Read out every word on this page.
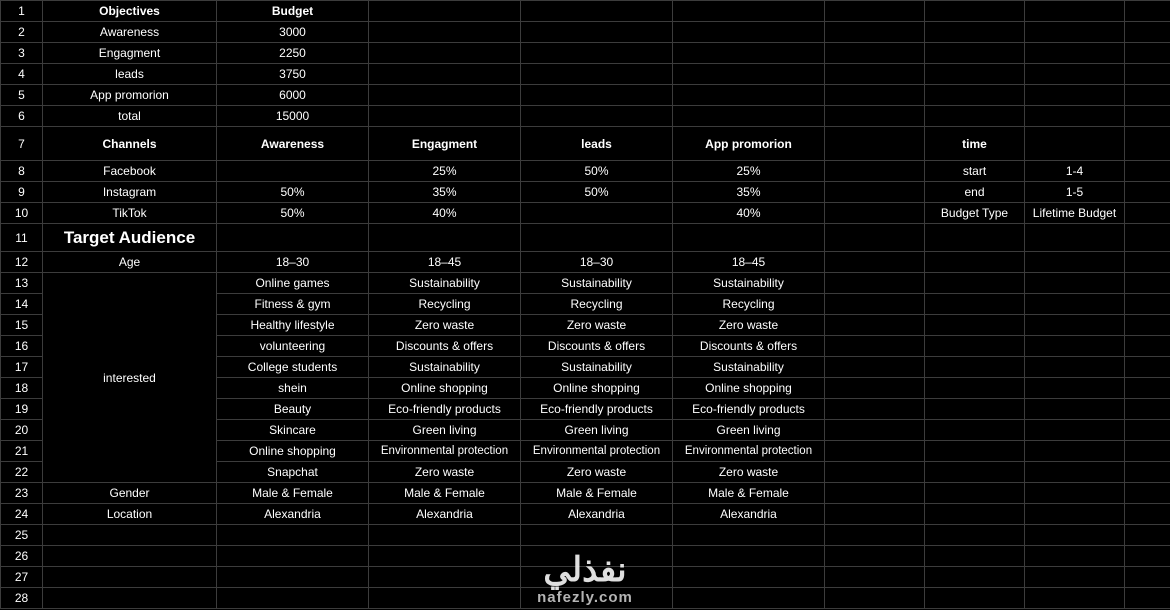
1	Objectives	Budget							
2	Awareness	3000							
3	Engagment	2250							
4	leads	3750							
5	App promorion	6000							
6	total	15000							
7	Channels	Awareness	Engagment	leads	App promorion		time		
8	Facebook		25%	50%	25%		start	1-4	
9	Instagram	50%	35%	50%	35%		end	1-5	
10	TikTok	50%	40%		40%		Budget Type	Lifetime Budget	
11	Target Audience								
12	Age	18–30	18–45	18–30	18–45				
13	interested	Online games	Sustainability	Sustainability	Sustainability				
14		Fitness & gym	Recycling	Recycling	Recycling				
15		Healthy lifestyle	Zero waste	Zero waste	Zero waste				
16		volunteering	Discounts & offers	Discounts & offers	Discounts & offers				
17		College students	Sustainability	Sustainability	Sustainability				
18		shein	Online shopping	Online shopping	Online shopping				
19		Beauty	Eco-friendly products	Eco-friendly products	Eco-friendly products				
20		Skincare	Green living	Green living	Green living				
21		Online shopping	Environmental protection	Environmental protection	Environmental protection				
22		Snapchat	Zero waste	Zero waste	Zero waste				
23	Gender	Male & Female	Male & Female	Male & Female	Male & Female				
24	Location	Alexandria	Alexandria	Alexandria	Alexandria				
25									
26									
27									
28									
نفذلي
nafezly.com
